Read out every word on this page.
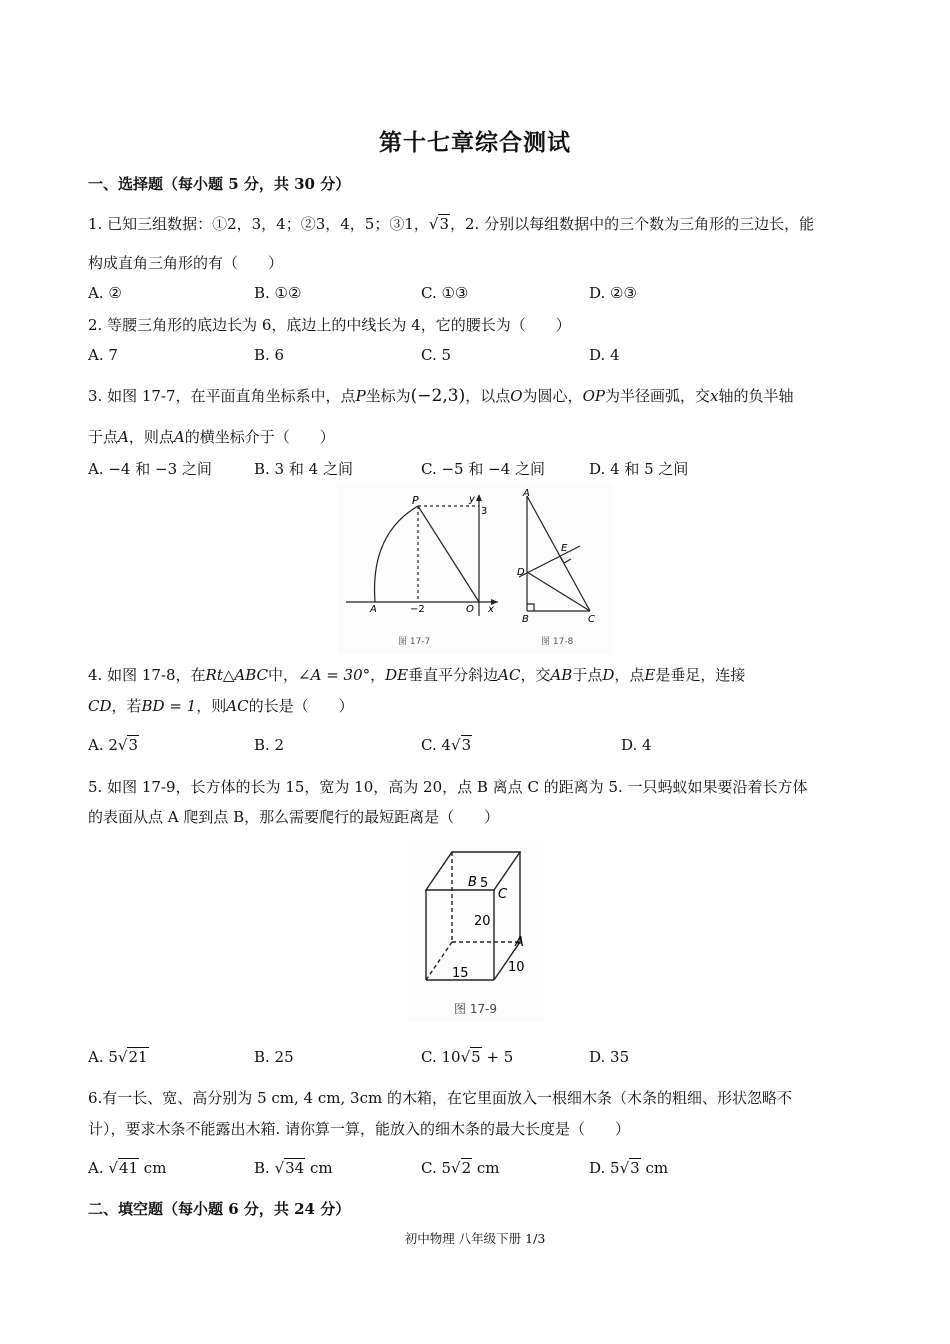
第十七章综合测试
一、选择题（每小题 5 分，共 30 分）
1. 已知三组数据：①2，3，4；②3，4，5；③1，√3，2. 分别以每组数据中的三个数为三角形的三边长，能
构成直角三角形的有（　　）
A. ②	B. ①②	C. ①③	D. ②③
2. 等腰三角形的底边长为 6，底边上的中线长为 4，它的腰长为（　　）
A. 7	B. 6	C. 5	D. 4
3. 如图 17-7，在平面直角坐标系中，点P坐标为(−2,3)，以点O为圆心，OP为半径画弧，交x轴的负半轴
于点A，则点A的横坐标介于（　　）
A. −4 和 −3 之间	B. 3 和 4 之间	C. −5 和 −4 之间	D. 4 和 5 之间
P	y
3
A	−2	O x
图 17-7
A
E
D
B	C
图 17-8
4. 如图 17-8，在Rt△ABC中，∠A = 30°，DE垂直平分斜边AC，交AB于点D，点E是垂足，连接
CD，若BD = 1，则AC的长是（　　）
A. 2√3	B. 2	C. 4√3	D. 4
5. 如图 17-9，长方体的长为 15，宽为 10，高为 20，点 B 离点 C 的距离为 5. 一只蚂蚁如果要沿着长方体
的表面从点 A 爬到点 B，那么需要爬行的最短距离是（　　）
B 5
C
20
A
15	10
图 17-9
A. 5√21	B. 25	C. 10√5 + 5	D. 35
6.有一长、宽、高分别为 5 cm, 4 cm, 3cm 的木箱，在它里面放入一根细木条（木条的粗细、形状忽略不
计），要求木条不能露出木箱. 请你算一算，能放入的细木条的最大长度是（　　）
A. √41 cm	B. √34 cm	C. 5√2 cm	D. 5√3 cm
二、填空题（每小题 6 分，共 24 分）
初中物理 八年级下册 1/3
